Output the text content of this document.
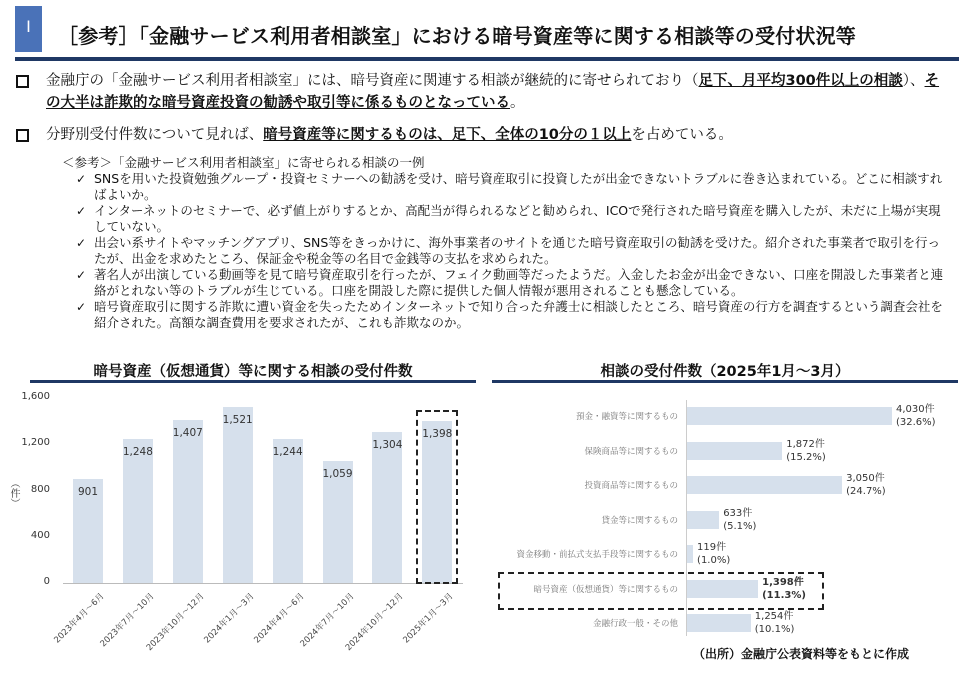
Ⅰ	［参考］「金融サービス利用者相談室」における暗号資産等に関する相談等の受付状況等
金融庁の「金融サービス利用者相談室」には、暗号資産に関連する相談が継続的に寄せられており（足下、月平均300件以上の相談）、その大半は詐欺的な暗号資産投資の勧誘や取引等に係るものとなっている。
分野別受付件数について見れば、暗号資産等に関するものは、足下、全体の10分の１以上を占めている。
＜参考＞「金融サービス利用者相談室」に寄せられる相談の一例
✓ SNSを用いた投資勉強グループ・投資セミナーへの勧誘を受け、暗号資産取引に投資したが出金できないトラブルに巻き込まれている。どこに相談すればよいか。
✓ インターネットのセミナーで、必ず値上がりするとか、高配当が得られるなどと勧められ、ICOで発行された暗号資産を購入したが、未だに上場が実現していない。
✓ 出会い系サイトやマッチングアプリ、SNS等をきっかけに、海外事業者のサイトを通じた暗号資産取引の勧誘を受けた。紹介された事業者で取引を行ったが、出金を求めたところ、保証金や税金等の名目で金銭等の支払を求められた。
✓ 著名人が出演している動画等を見て暗号資産取引を行ったが、フェイク動画等だったようだ。入金したお金が出金できない、口座を開設した事業者と連絡がとれない等のトラブルが生じている。口座を開設した際に提供した個人情報が悪用されることも懸念している。
✓ 暗号資産取引に関する詐欺に遭い資金を失ったためインターネットで知り合った弁護士に相談したところ、暗号資産の行方を調査するという調査会社を紹介された。高額な調査費用を要求されたが、これも詐欺なのか。
暗号資産（仮想通貨）等に関する相談の受付件数
1,600
1,200
800
400
0
（件）	901
2023年4月～6月
1,248
2023年7月～10月
1,407
2023年10月～12月
1,521
2024年1月～3月
1,244
2024年4月～6月
1,059
2024年7月～10月
1,304
2024年10月～12月
1,398
2025年1月～3月
相談の受付件数（2025年1月～3月）
預金・融資等に関するもの
4,030件
(32.6%)
保険商品等に関するもの
1,872件
(15.2%)
投資商品等に関するもの
3,050件
(24.7%)
貸金等に関するもの
633件
(5.1%)
資金移動・前払式支払手段等に関するもの
119件
(1.0%)
暗号資産（仮想通貨）等に関するもの
1,398件
(11.3%)
金融行政一般・その他
1,254件
(10.1%)
（出所）金融庁公表資料等をもとに作成
